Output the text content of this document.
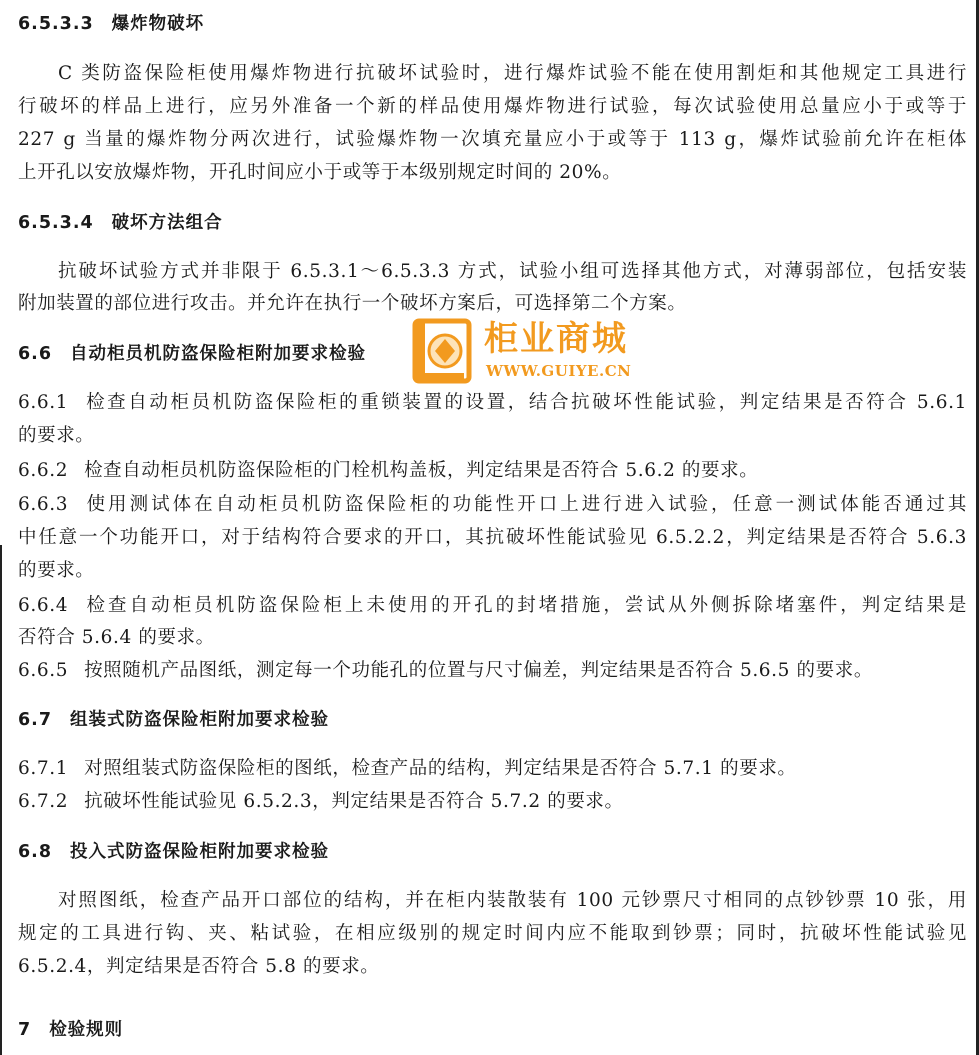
6.5.3.3 爆炸物破坏
C 类防盗保险柜使用爆炸物进行抗破坏试验时，进行爆炸试验不能在使用割炬和其他规定工具进行
行破坏的样品上进行，应另外准备一个新的样品使用爆炸物进行试验，每次试验使用总量应小于或等于
227 g 当量的爆炸物分两次进行，试验爆炸物一次填充量应小于或等于 113 g，爆炸试验前允许在柜体
上开孔以安放爆炸物，开孔时间应小于或等于本级别规定时间的 20%。
6.5.3.4 破坏方法组合
抗破坏试验方式并非限于 6.5.3.1～6.5.3.3 方式，试验小组可选择其他方式，对薄弱部位，包括安装
附加装置的部位进行攻击。并允许在执行一个破坏方案后，可选择第二个方案。
6.6 自动柜员机防盗保险柜附加要求检验
6.6.1 检查自动柜员机防盗保险柜的重锁装置的设置，结合抗破坏性能试验，判定结果是否符合 5.6.1
的要求。
6.6.2 检查自动柜员机防盗保险柜的门栓机构盖板，判定结果是否符合 5.6.2 的要求。
6.6.3 使用测试体在自动柜员机防盗保险柜的功能性开口上进行进入试验，任意一测试体能否通过其
中任意一个功能开口，对于结构符合要求的开口，其抗破坏性能试验见 6.5.2.2，判定结果是否符合 5.6.3
的要求。
6.6.4 检查自动柜员机防盗保险柜上未使用的开孔的封堵措施，尝试从外侧拆除堵塞件，判定结果是
否符合 5.6.4 的要求。
6.6.5 按照随机产品图纸，测定每一个功能孔的位置与尺寸偏差，判定结果是否符合 5.6.5 的要求。
6.7 组装式防盗保险柜附加要求检验
6.7.1 对照组装式防盗保险柜的图纸，检查产品的结构，判定结果是否符合 5.7.1 的要求。
6.7.2 抗破坏性能试验见 6.5.2.3，判定结果是否符合 5.7.2 的要求。
6.8 投入式防盗保险柜附加要求检验
对照图纸，检查产品开口部位的结构，并在柜内装散装有 100 元钞票尺寸相同的点钞钞票 10 张，用
规定的工具进行钩、夹、粘试验，在相应级别的规定时间内应不能取到钞票；同时，抗破坏性能试验见
6.5.2.4，判定结果是否符合 5.8 的要求。
7 检验规则
柜业商城
WWW.GUIYE.CN
